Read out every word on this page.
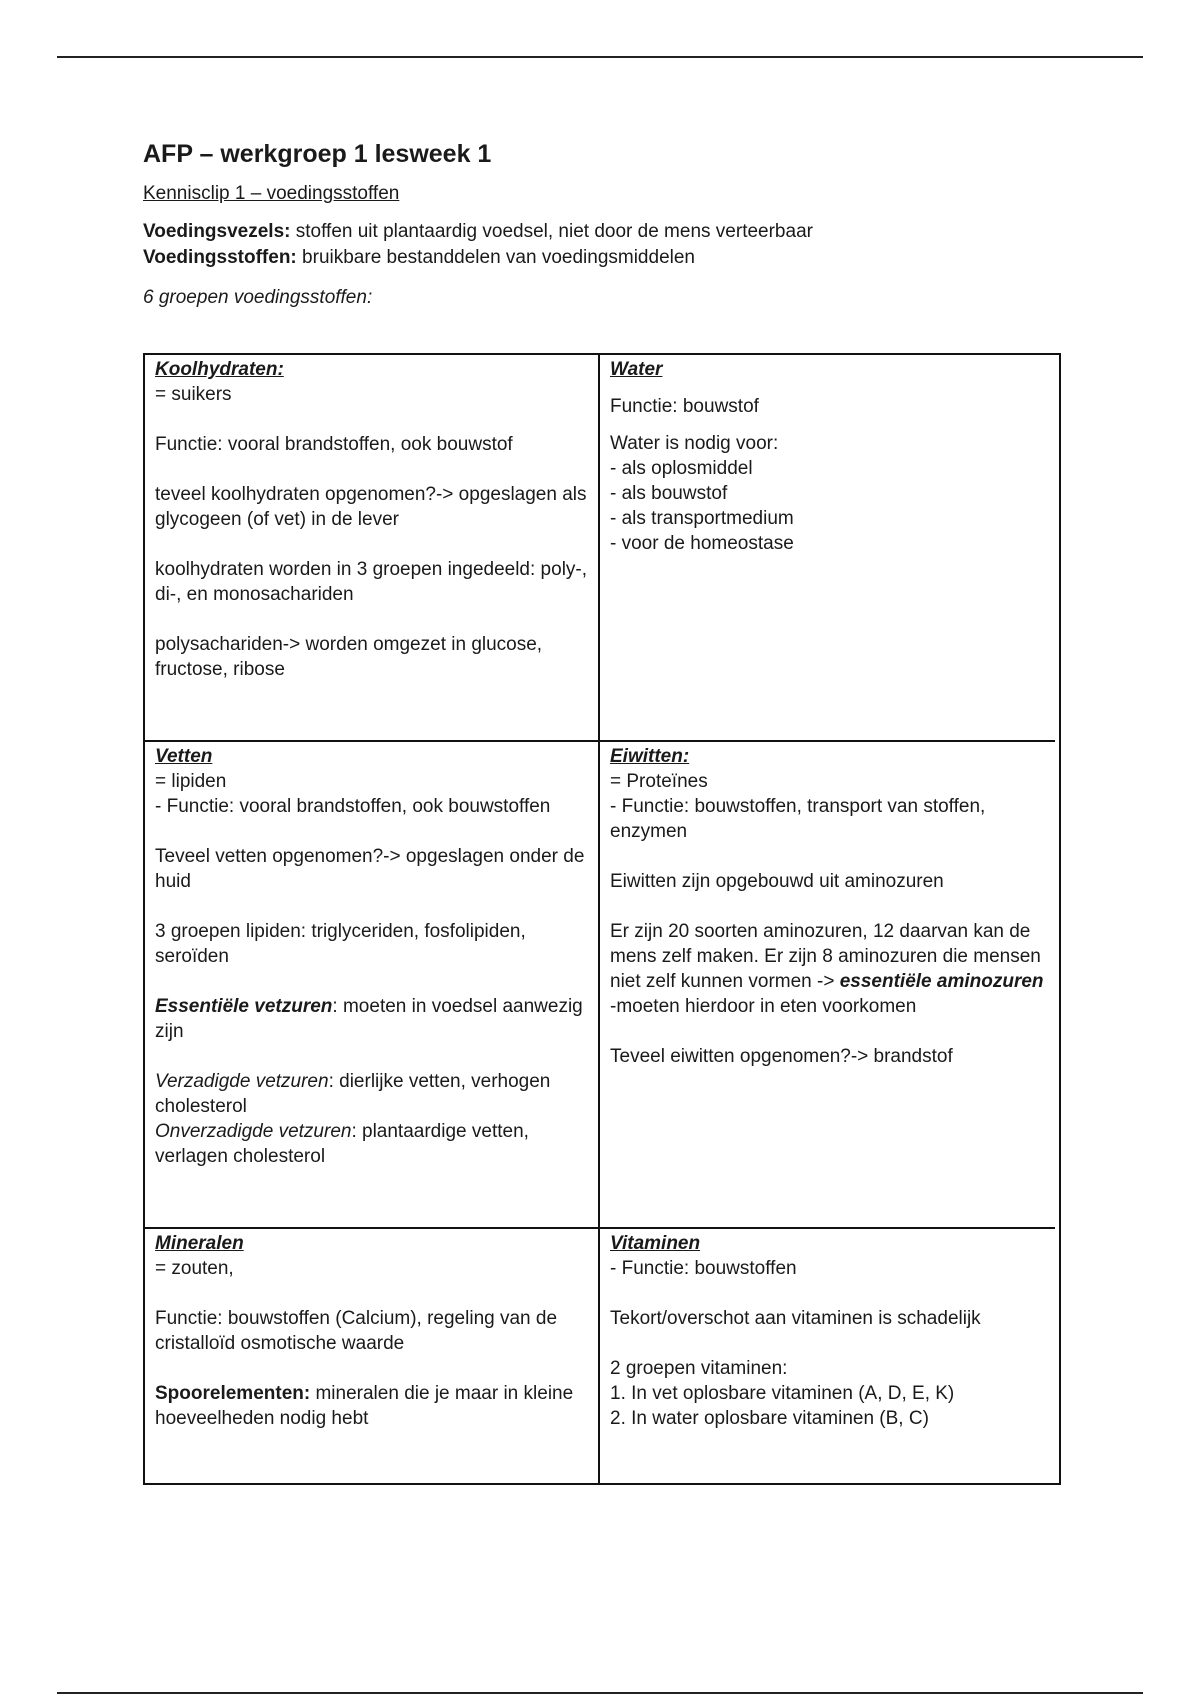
AFP – werkgroep 1 lesweek 1

Kennisclip 1 – voedingsstoffen

Voedingsvezels: stoffen uit plantaardig voedsel, niet door de mens verteerbaar

Voedingsstoffen: bruikbare bestanddelen van voedingsmiddelen

6 groepen voedingsstoffen:

Koolhydraten:
= suikers
Functie: vooral brandstoffen, ook bouwstof
teveel koolhydraten opgenomen?-> opgeslagen als glycogeen (of vet) in de lever
koolhydraten worden in 3 groepen ingedeeld: poly-, di-, en monosachariden
polysachariden-> worden omgezet in glucose, fructose, ribose
Water
Functie: bouwstof
Water is nodig voor:
- als oplosmiddel
- als bouwstof
- als transportmedium
- voor de homeostase
Vetten
= lipiden
- Functie: vooral brandstoffen, ook bouwstoffen
Teveel vetten opgenomen?-> opgeslagen onder de huid
3 groepen lipiden: triglyceriden, fosfolipiden, seroïden
Essentiële vetzuren: moeten in voedsel aanwezig zijn
Verzadigde vetzuren: dierlijke vetten, verhogen cholesterol
Onverzadigde vetzuren: plantaardige vetten, verlagen cholesterol
Eiwitten:
= Proteïnes
- Functie: bouwstoffen, transport van stoffen, enzymen
Eiwitten zijn opgebouwd uit aminozuren
Er zijn 20 soorten aminozuren, 12 daarvan kan de mens zelf maken. Er zijn 8 aminozuren die mensen niet zelf kunnen vormen -> essentiële aminozuren
-moeten hierdoor in eten voorkomen
Teveel eiwitten opgenomen?-> brandstof
Mineralen
= zouten,
Functie: bouwstoffen (Calcium), regeling van de cristalloïd osmotische waarde
Spoorelementen: mineralen die je maar in kleine hoeveelheden nodig hebt
Vitaminen
- Functie: bouwstoffen
Tekort/overschot aan vitaminen is schadelijk
2 groepen vitaminen:
1. In vet oplosbare vitaminen (A, D, E, K)
2. In water oplosbare vitaminen (B, C)
